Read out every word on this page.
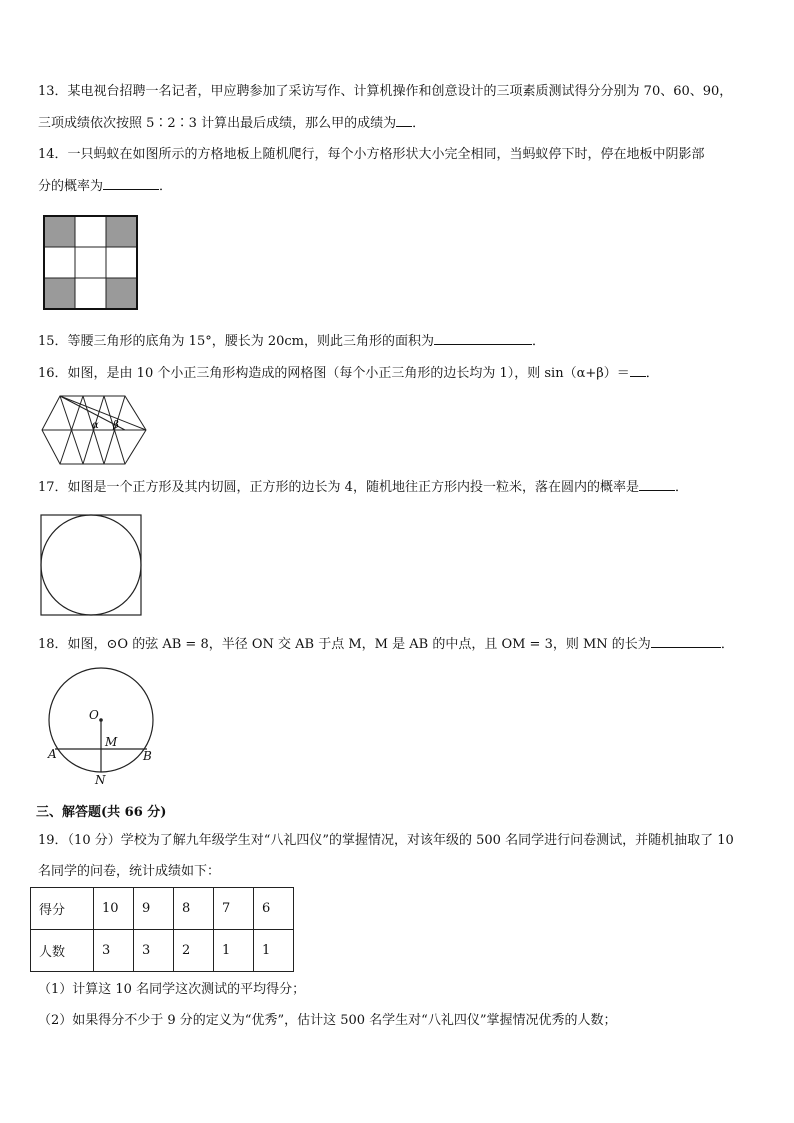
13．某电视台招聘一名记者，甲应聘参加了采访写作、计算机操作和创意设计的三项素质测试得分分别为 70、60、90，
三项成绩依次按照 5∶2∶3 计算出最后成绩，那么甲的成绩为 ．
14．一只蚂蚁在如图所示的方格地板上随机爬行，每个小方格形状大小完全相同，当蚂蚁停下时，停在地板中阴影部
分的概率为	．
15．等腰三角形的底角为 15°，腰长为 20cm，则此三角形的面积为	．
16．如图，是由 10 个小正三角形构造成的网格图（每个小正三角形的边长均为 1），则 sin（α+β）＝ ．
α β
17．如图是一个正方形及其内切圆，正方形的边长为 4，随机地往正方形内投一粒米，落在圆内的概率是	．
18．如图，⊙O 的弦 AB = 8，半径 ON 交 AB 于点 M，M 是 AB 的中点，且 OM = 3，则 MN 的长为	．
O
M
A	B
N
三、解答题(共 66 分)
19．（10 分）学校为了解九年级学生对“八礼四仪”的掌握情况，对该年级的 500 名同学进行问卷测试，并随机抽取了 10
名同学的问卷，统计成绩如下：
得分	10	9	8	7	6
人数	3	3	2	1	1
（1）计算这 10 名同学这次测试的平均得分；
（2）如果得分不少于 9 分的定义为“优秀”，估计这 500 名学生对“八礼四仪”掌握情况优秀的人数；
